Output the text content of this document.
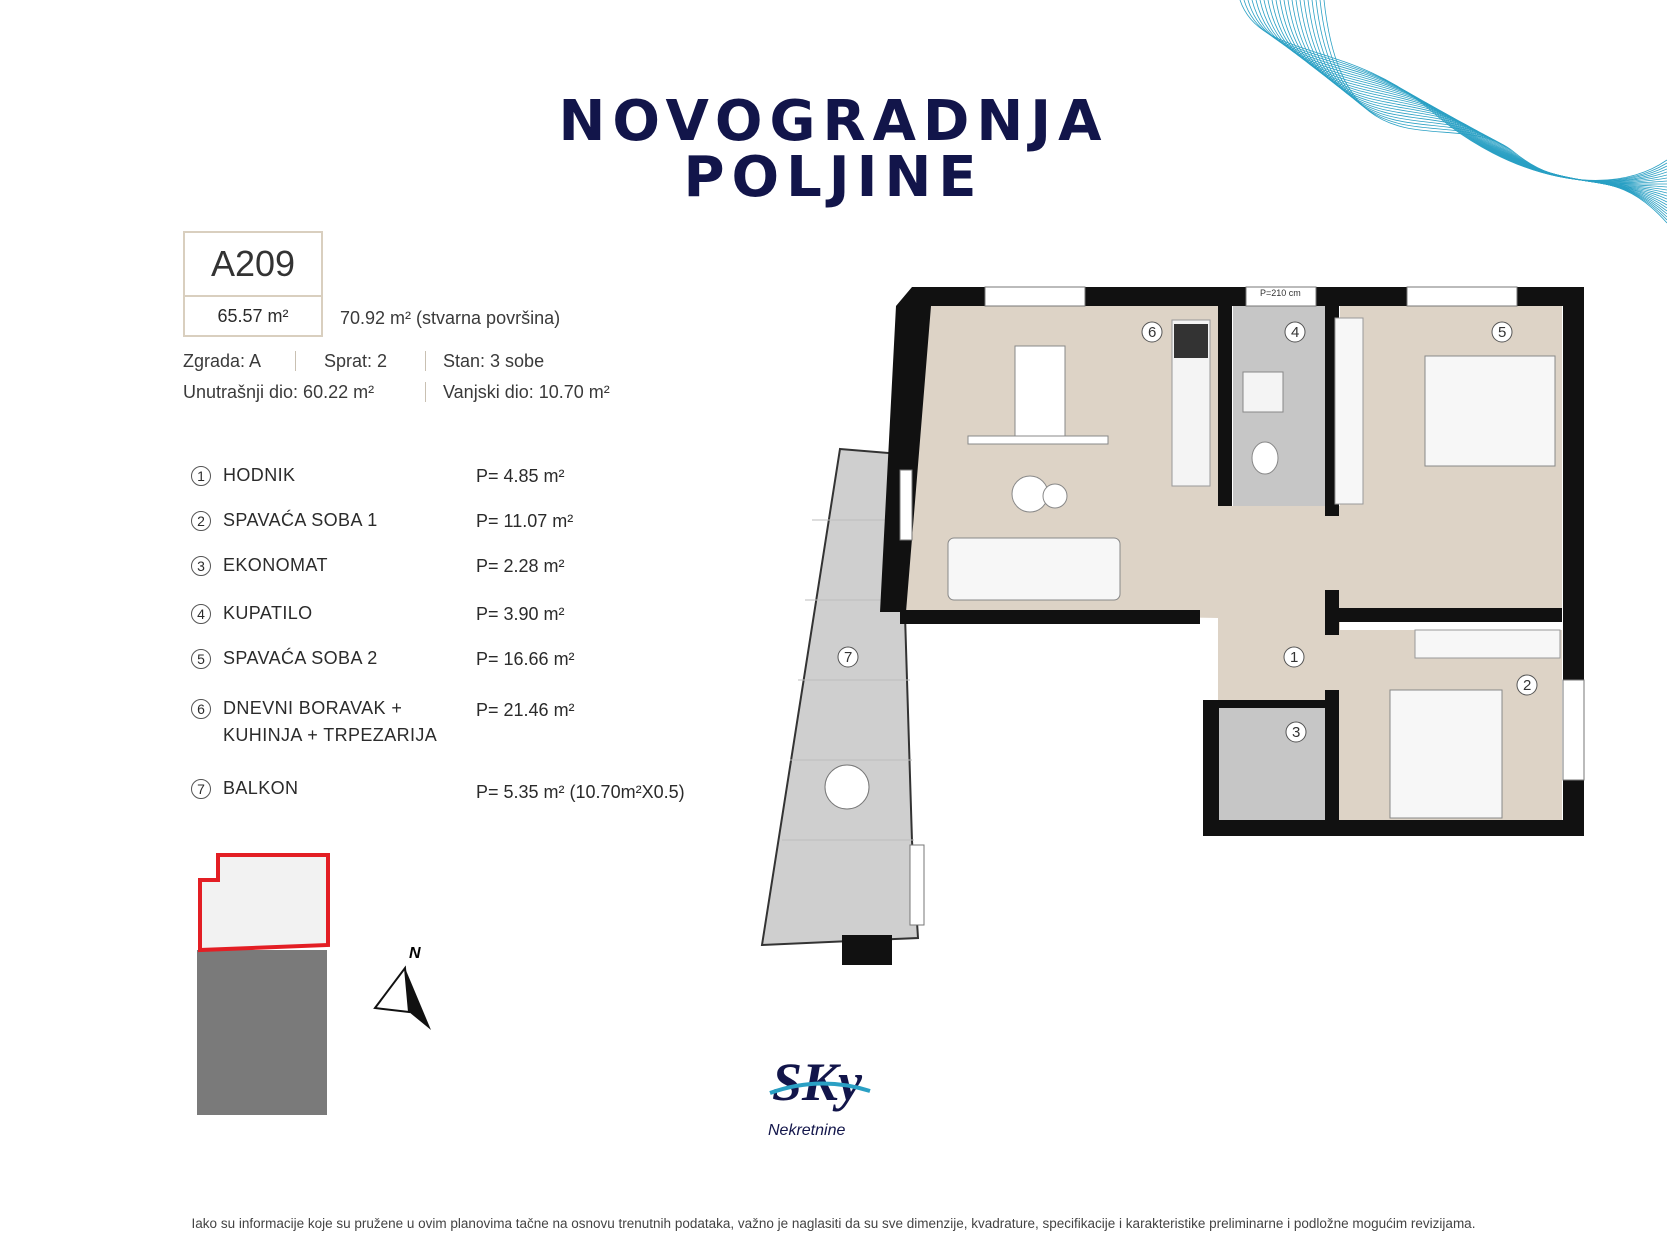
NOVOGRADNJA
POLJINE
A209
65.57 m²	70.92 m² (stvarna površina)
Zgrada: A	Sprat: 2	Stan: 3 sobe
Unutrašnji dio: 60.22 m²	Vanjski dio: 10.70 m²
1	HODNIK	P= 4.85 m²
2	SPAVAĆA SOBA 1	P= 11.07 m²
3	EKONOMAT	P= 2.28 m²
4	KUPATILO	P= 3.90 m²
5	SPAVAĆA SOBA 2	P= 16.66 m²
6	DNEVNI BORAVAK +
KUHINJA + TRPEZARIJA
P= 21.46 m²
7	BALKON	P= 5.35 m² (10.70m²X0.5)
P=210 cm
6	4	5
1
2
3
7
N
SKy
Nekretnine
Iako su informacije koje su pružene u ovim planovima tačne na osnovu trenutnih podataka, važno je naglasiti da su sve dimenzije, kvadrature, specifikacije i karakteristike preliminarne i podložne mogućim revizijama.
